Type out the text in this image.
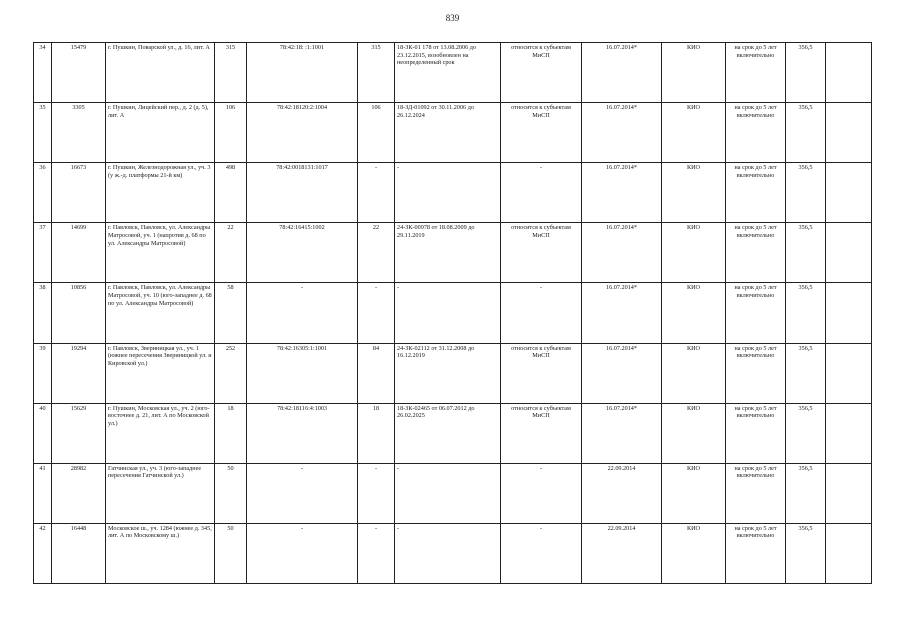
839
34	15479	г. Пушкин, Поварской ул., д. 16, лит. А	315	78:42:18: :1:1001	315	18-ЗК-01 178 от 13.08.2006 до 23.12.2015, возобновлен на неопределенный срок	относится к субъектам МиСП	16.07.2014*	КИО	на срок до 5 лет включительно	356,5	
35	3305	г. Пушкин, Лицейский пер., д. 2 (д. 5), лит. А	106	78:42:18120:2:1004	106	18-ЗД-01092 от 30.11.2006 до 26.12.2024	относится к субъектам МиСП	16.07.2014*	КИО	на срок до 5 лет включительно	356,5	
36	16673	г. Пушкин, Железнодорожная ул., уч. 3 (у ж.-д. платформы 21-й км)	498	78:42:0018131:1017	-	-	-	16.07.2014*	КИО	на срок до 5 лет включительно	356,5	
37	14699	г. Павловск, Павловск, ул. Александры Матросовой, уч. 1 (напротив д. 68 по ул. Александры Матросовой)	22	78:42:16415:1002	22	24-ЗК-00978 от 18.08.2009 до 29.11.2019	относится к субъектам МиСП	16.07.2014*	КИО	на срок до 5 лет включительно	356,5	
38	10856	г. Павловск, Павловск, ул. Александры Матросовой, уч. 10 (юго-западнее д. 68 по ул. Александры Матросовой)	58	-	-	-	-	16.07.2014*	КИО	на срок до 5 лет включительно	356,5	
39	19294	г. Павловск, Звериницкая ул., уч. 1 (южнее пересечения Звериницкой ул. и Кировской ул.)	252	78:42:16305:1:1001	84	24-ЗК-02112 от 31.12.2008 до 16.12.2019	относится к субъектам МиСП	16.07.2014*	КИО	на срок до 5 лет включительно	356,5	
40	15629	г. Пушкин, Московская ул., уч. 2 (юго-восточнее д. 21, лит. А по Московской ул.)	18	78:42:18116:4:1003	18	18-ЗК-02465 от 06.07.2012 до 26.02.2025	относится к субъектам МиСП	16.07.2014*	КИО	на срок до 5 лет включительно	356,5	
41	28982	Гатчинская ул., уч. 3 (юго-западнее пересечения Гатчинской ул.)	50	-	-	-	-	22.09.2014	КИО	на срок до 5 лет включительно	356,5	
42	16448	Московское ш., уч. 1284 (южнее д. 345, лит. А по Московскому ш.)	50	-	-	-	-	22.09.2014	КИО	на срок до 5 лет включительно	356,5	
